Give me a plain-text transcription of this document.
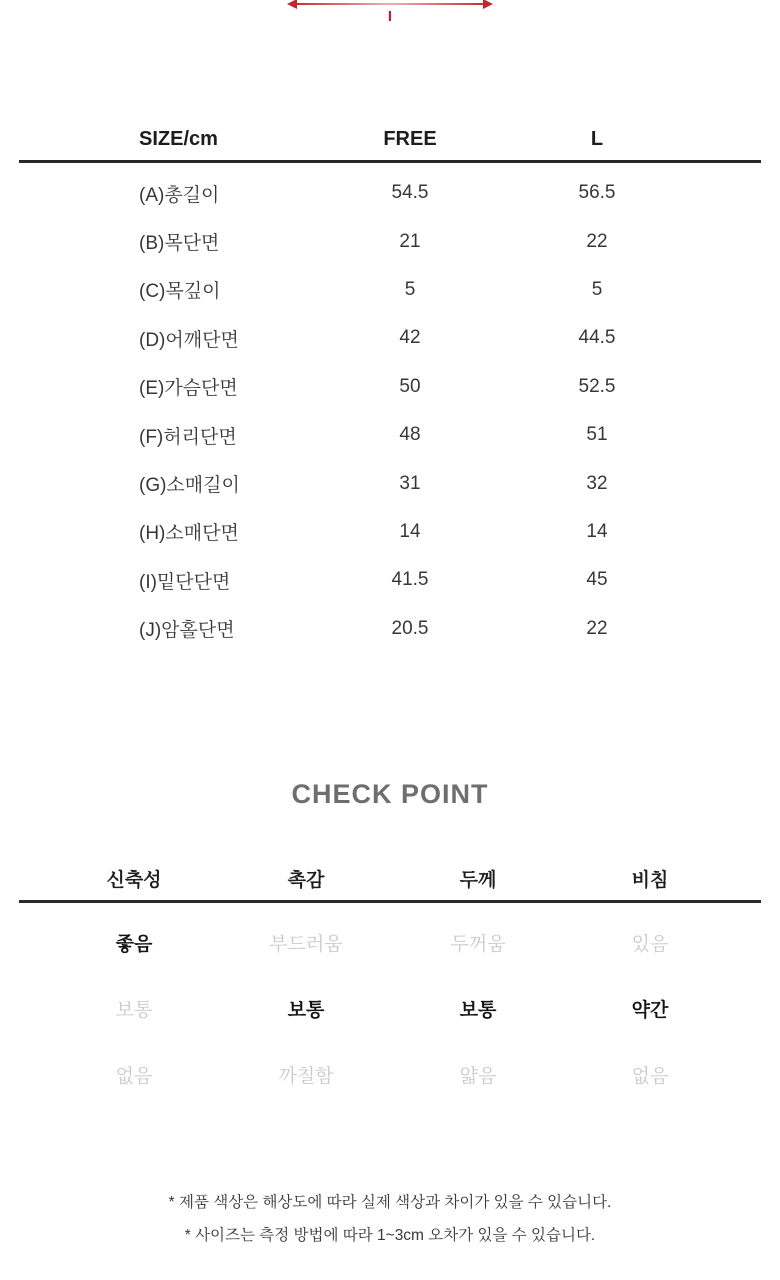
I
SIZE/cm	FREE	L
(A)총길이	54.5	56.5
(B)목단면	21	22
(C)목깊이	5	5
(D)어깨단면	42	44.5
(E)가슴단면	50	52.5
(F)허리단면	48	51
(G)소매길이	31	32
(H)소매단면	14	14
(I)밑단단면	41.5	45
(J)암홀단면	20.5	22
CHECK POINT
신축성	촉감	두께	비침
좋음	부드러움	두꺼움	있음
보통	보통	보통	약간
없음	까칠함	얇음	없음

* 제품 색상은 해상도에 따라 실제 색상과 차이가 있을 수 있습니다.

* 사이즈는 측정 방법에 따라 1~3cm 오차가 있을 수 있습니다.
